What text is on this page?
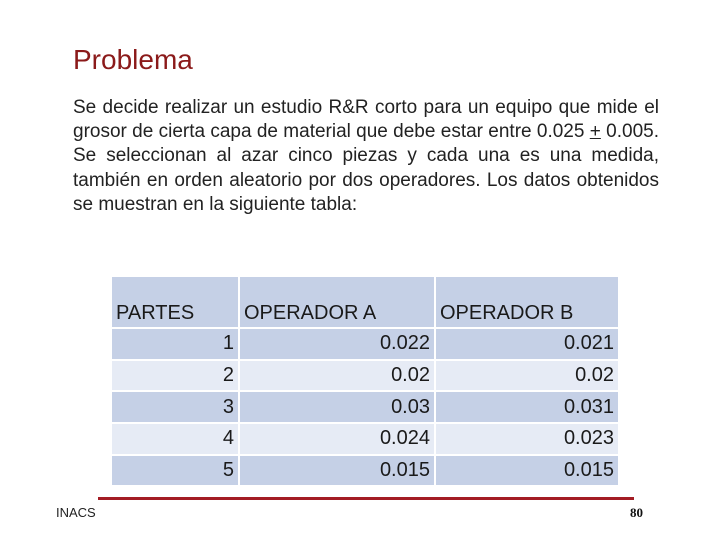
Problema
Se decide realizar un estudio R&R corto para un equipo que mide el grosor de cierta capa de material que debe estar entre 0.025 + 0.005. Se seleccionan al azar cinco piezas y cada una es una medida, también en orden aleatorio por dos operadores. Los datos obtenidos se muestran en la siguiente tabla:
PARTES	OPERADOR A	OPERADOR B
1	0.022	0.021
2	0.02	0.02
3	0.03	0.031
4	0.024	0.023
5	0.015	0.015
INACS	80
